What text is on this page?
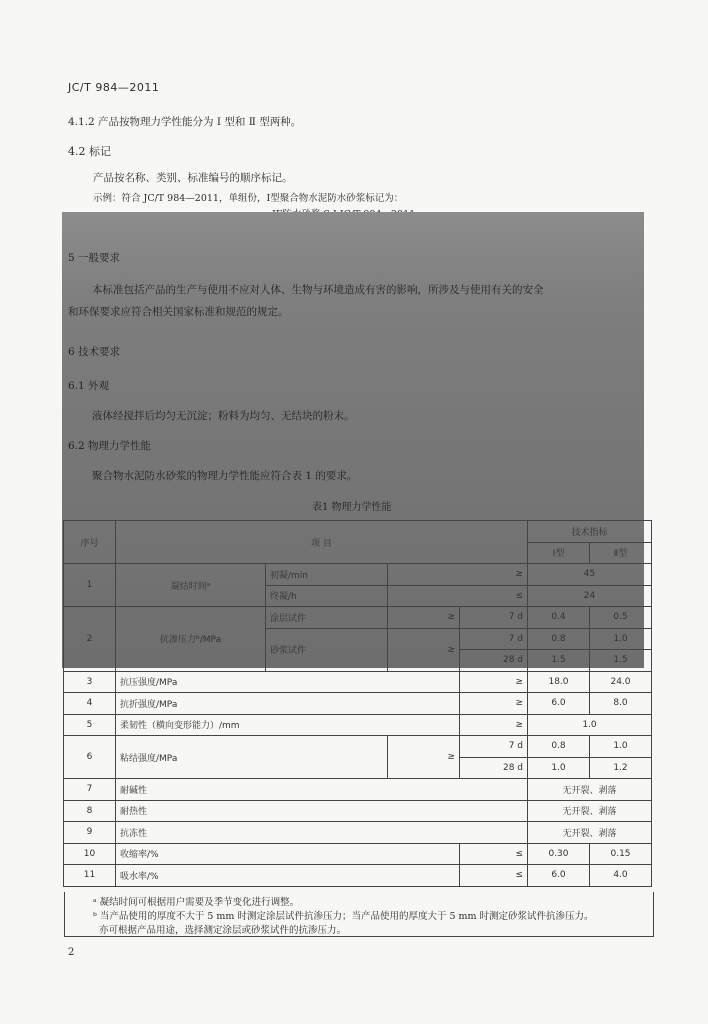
JC/T 984—2011
4.1.2 产品按物理力学性能分为 Ⅰ 型和 Ⅱ 型两种。
4.2 标记
产品按名称、类别、标准编号的顺序标记。
示例：符合 JC/T 984—2011，单组份，Ⅰ型聚合物水泥防水砂浆标记为：
5 一般要求
本标准包括产品的生产与使用不应对人体、生物与环境造成有害的影响，所涉及与使用有关的安全
和环保要求应符合相关国家标准和规范的规定。
6 技术要求
6.1 外观
液体经搅拌后均匀无沉淀；粉料为均匀、无结块的粉末。
6.2 物理力学性能
聚合物水泥防水砂浆的物理力学性能应符合表 1 的要求。
表1 物理力学性能
序号	项 目				技术指标	
					Ⅰ型	Ⅱ型
1	凝结时间ᵃ	初凝/min	≥		45	
		终凝/h	≤		24	
2	抗渗压力ᵇ/MPa	涂层试件	≥	7 d	0.4	0.5
		砂浆试件	≥	7 d	0.8	1.0
				28 d	1.5	1.5
3	抗压强度/MPa			≥	18.0	24.0
4	抗折强度/MPa			≥	6.0	8.0
5	柔韧性（横向变形能力）/mm			≥	1.0	
6	粘结强度/MPa		≥	7 d	0.8	1.0
				28 d	1.0	1.2
7	耐碱性				无开裂、剥落	
8	耐热性				无开裂、剥落	
9	抗冻性				无开裂、剥落	
10	收缩率/%			≤	0.30	0.15
11	吸水率/%			≤	6.0	4.0
ᵃ 凝结时间可根据用户需要及季节变化进行调整。
ᵇ 当产品使用的厚度不大于 5 mm 时测定涂层试件抗渗压力；当产品使用的厚度大于 5 mm 时测定砂浆试件抗渗压力。
亦可根据产品用途，选择测定涂层或砂浆试件的抗渗压力。
2
